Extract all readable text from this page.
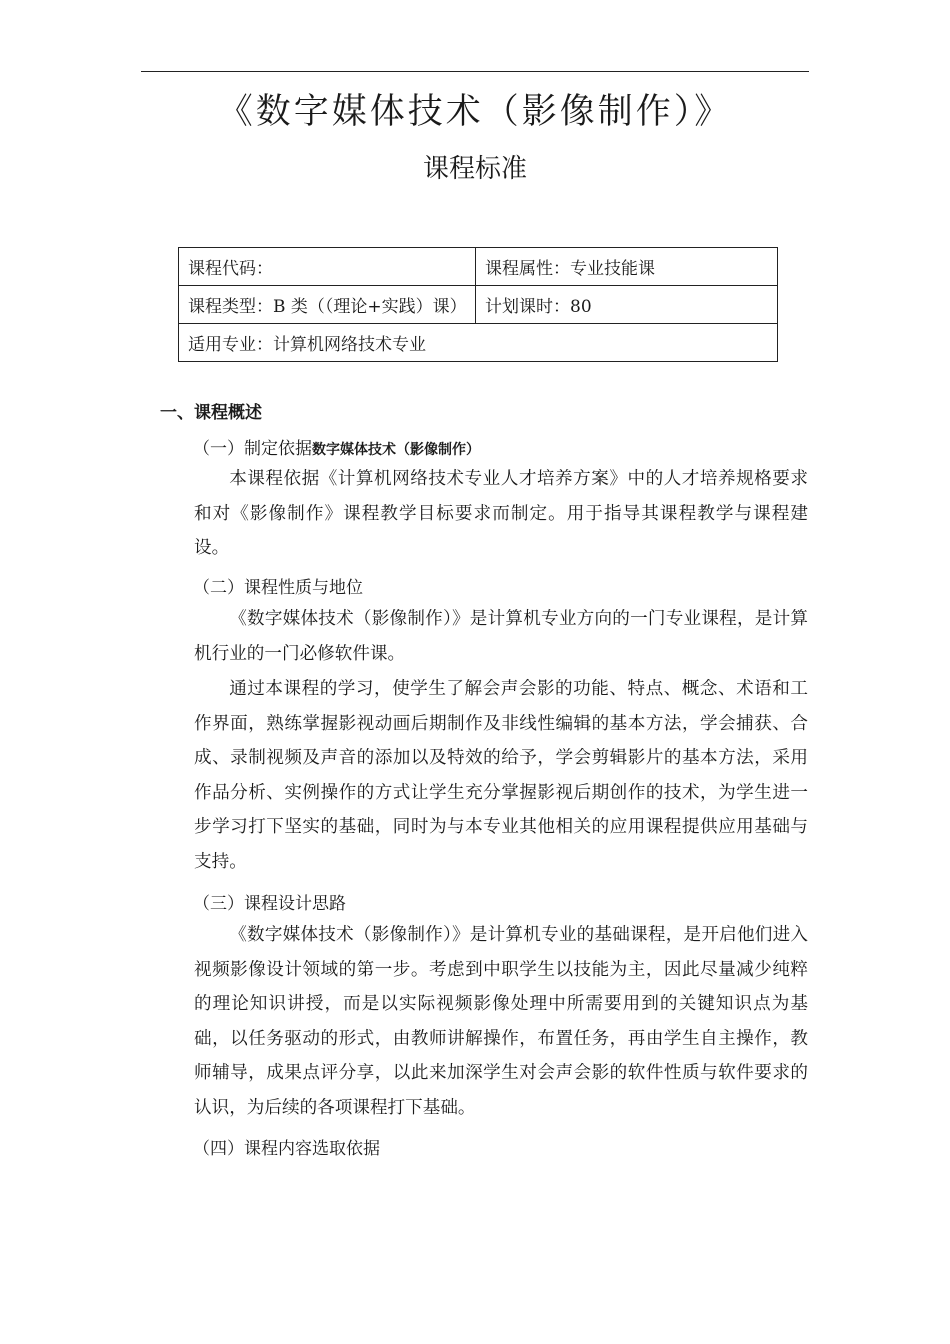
《数字媒体技术（影像制作）》
课程标准
课程代码：	课程属性：专业技能课
课程类型：B 类（（理论+实践）课）	计划课时：80
适用专业：计算机网络技术专业	
一、课程概述
（一）制定依据数字媒体技术（影像制作）

本课程依据《计算机网络技术专业人才培养方案》中的人才培养规格要求和对《影像制作》课程教学目标要求而制定。用于指导其课程教学与课程建设。

（二）课程性质与地位

《数字媒体技术（影像制作）》是计算机专业方向的一门专业课程，是计算机行业的一门必修软件课。

通过本课程的学习，使学生了解会声会影的功能、特点、概念、术语和工作界面，熟练掌握影视动画后期制作及非线性编辑的基本方法，学会捕获、合成、录制视频及声音的添加以及特效的给予，学会剪辑影片的基本方法，采用作品分析、实例操作的方式让学生充分掌握影视后期创作的技术，为学生进一步学习打下坚实的基础，同时为与本专业其他相关的应用课程提供应用基础与支持。

（三）课程设计思路

《数字媒体技术（影像制作）》是计算机专业的基础课程，是开启他们进入视频影像设计领域的第一步。考虑到中职学生以技能为主，因此尽量减少纯粹的理论知识讲授，而是以实际视频影像处理中所需要用到的关键知识点为基础，以任务驱动的形式，由教师讲解操作，布置任务，再由学生自主操作，教师辅导，成果点评分享，以此来加深学生对会声会影的软件性质与软件要求的认识，为后续的各项课程打下基础。

（四）课程内容选取依据
